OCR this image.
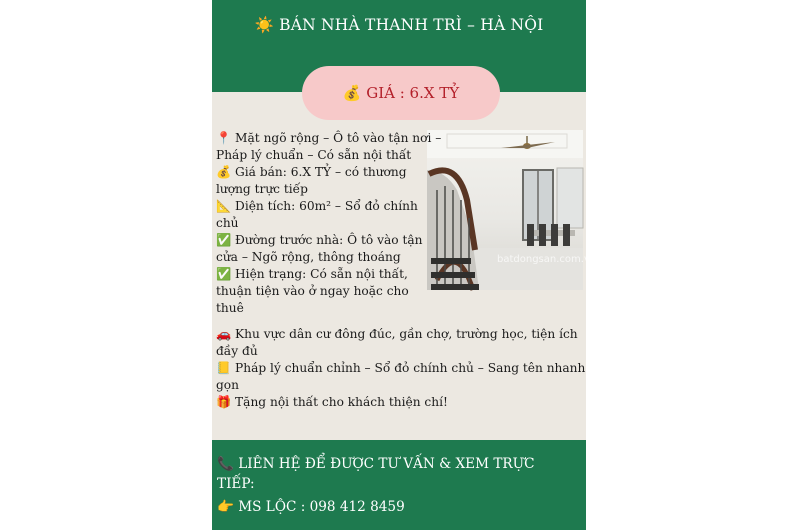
☀️ BÁN NHÀ THANH TRÌ – HÀ NỘI
💰 GIÁ : 6.X TỶ
batdongsan.com.vn
📍 Mặt ngõ rộng – Ô tô vào tận nơi –
Pháp lý chuẩn – Có sẵn nội thất
💰 Giá bán: 6.X TỶ – có thương
lượng trực tiếp
📐 Diện tích: 60m² – Sổ đỏ chính
chủ
✅ Đường trước nhà: Ô tô vào tận
cửa – Ngõ rộng, thông thoáng
✅ Hiện trạng: Có sẵn nội thất,
thuận tiện vào ở ngay hoặc cho
thuê
🚗 Khu vực dân cư đông đúc, gần chợ, trường học, tiện ích
đầy đủ
📒 Pháp lý chuẩn chỉnh – Sổ đỏ chính chủ – Sang tên nhanh
gọn
🎁 Tặng nội thất cho khách thiện chí!
📞 LIÊN HỆ ĐỂ ĐƯỢC TƯ VẤN & XEM TRỰC
TIẾP:
👉 MS LỘC : 098 412 8459
